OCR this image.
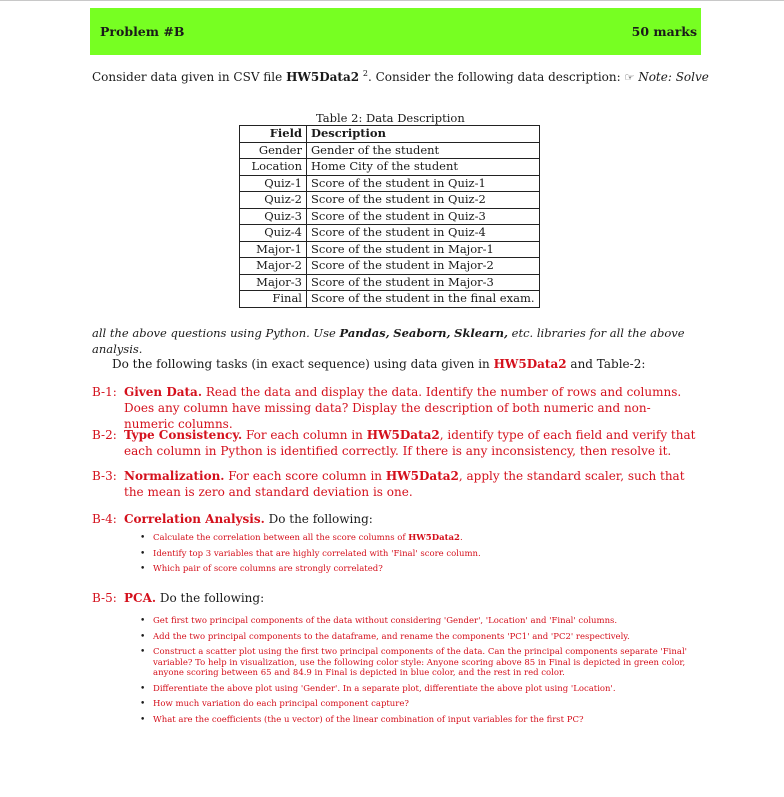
Problem #B	50 marks
Consider data given in CSV file HW5Data2 $^2$. Consider the following data description: ☞ Note: Solve
Table 2: Data Description
Field	Description
Gender	Gender of the student
Location	Home City of the student
Quiz-1	Score of the student in Quiz-1
Quiz-2	Score of the student in Quiz-2
Quiz-3	Score of the student in Quiz-3
Quiz-4	Score of the student in Quiz-4
Major-1	Score of the student in Major-1
Major-2	Score of the student in Major-2
Major-3	Score of the student in Major-3
Final	Score of the student in the final exam.
all the above questions using Python. Use Pandas, Seaborn, Sklearn, etc. libraries for all the above analysis.
Do the following tasks (in exact sequence) using data given in HW5Data2 and Table-2:
B-1: Given Data. Read the data and display the data. Identify the number of rows and columns. Does any column have missing data? Display the description of both numeric and non-numeric columns.
B-2: Type Consistency. For each column in HW5Data2, identify type of each field and verify that each column in Python is identified correctly. If there is any inconsistency, then resolve it.
B-3: Normalization. For each score column in HW5Data2, apply the standard scaler, such that the mean is zero and standard deviation is one.
B-4: Correlation Analysis. Do the following:
• Calculate the correlation between all the score columns of HW5Data2.
• Identify top 3 variables that are highly correlated with 'Final' score column.
• Which pair of score columns are strongly correlated?
B-5: PCA. Do the following:
• Get first two principal components of the data without considering 'Gender', 'Location' and 'Final' columns.
• Add the two principal components to the dataframe, and rename the components 'PC1' and 'PC2' respectively.
• Construct a scatter plot using the first two principal components of the data. Can the principal components separate 'Final' variable? To help in visualization, use the following color style: Anyone scoring above 85 in Final is depicted in green color, anyone scoring between 65 and 84.9 in Final is depicted in blue color, and the rest in red color.
• Differentiate the above plot using 'Gender'. In a separate plot, differentiate the above plot using 'Location'.
• How much variation do each principal component capture?
• What are the coefficients (the u vector) of the linear combination of input variables for the first PC?
